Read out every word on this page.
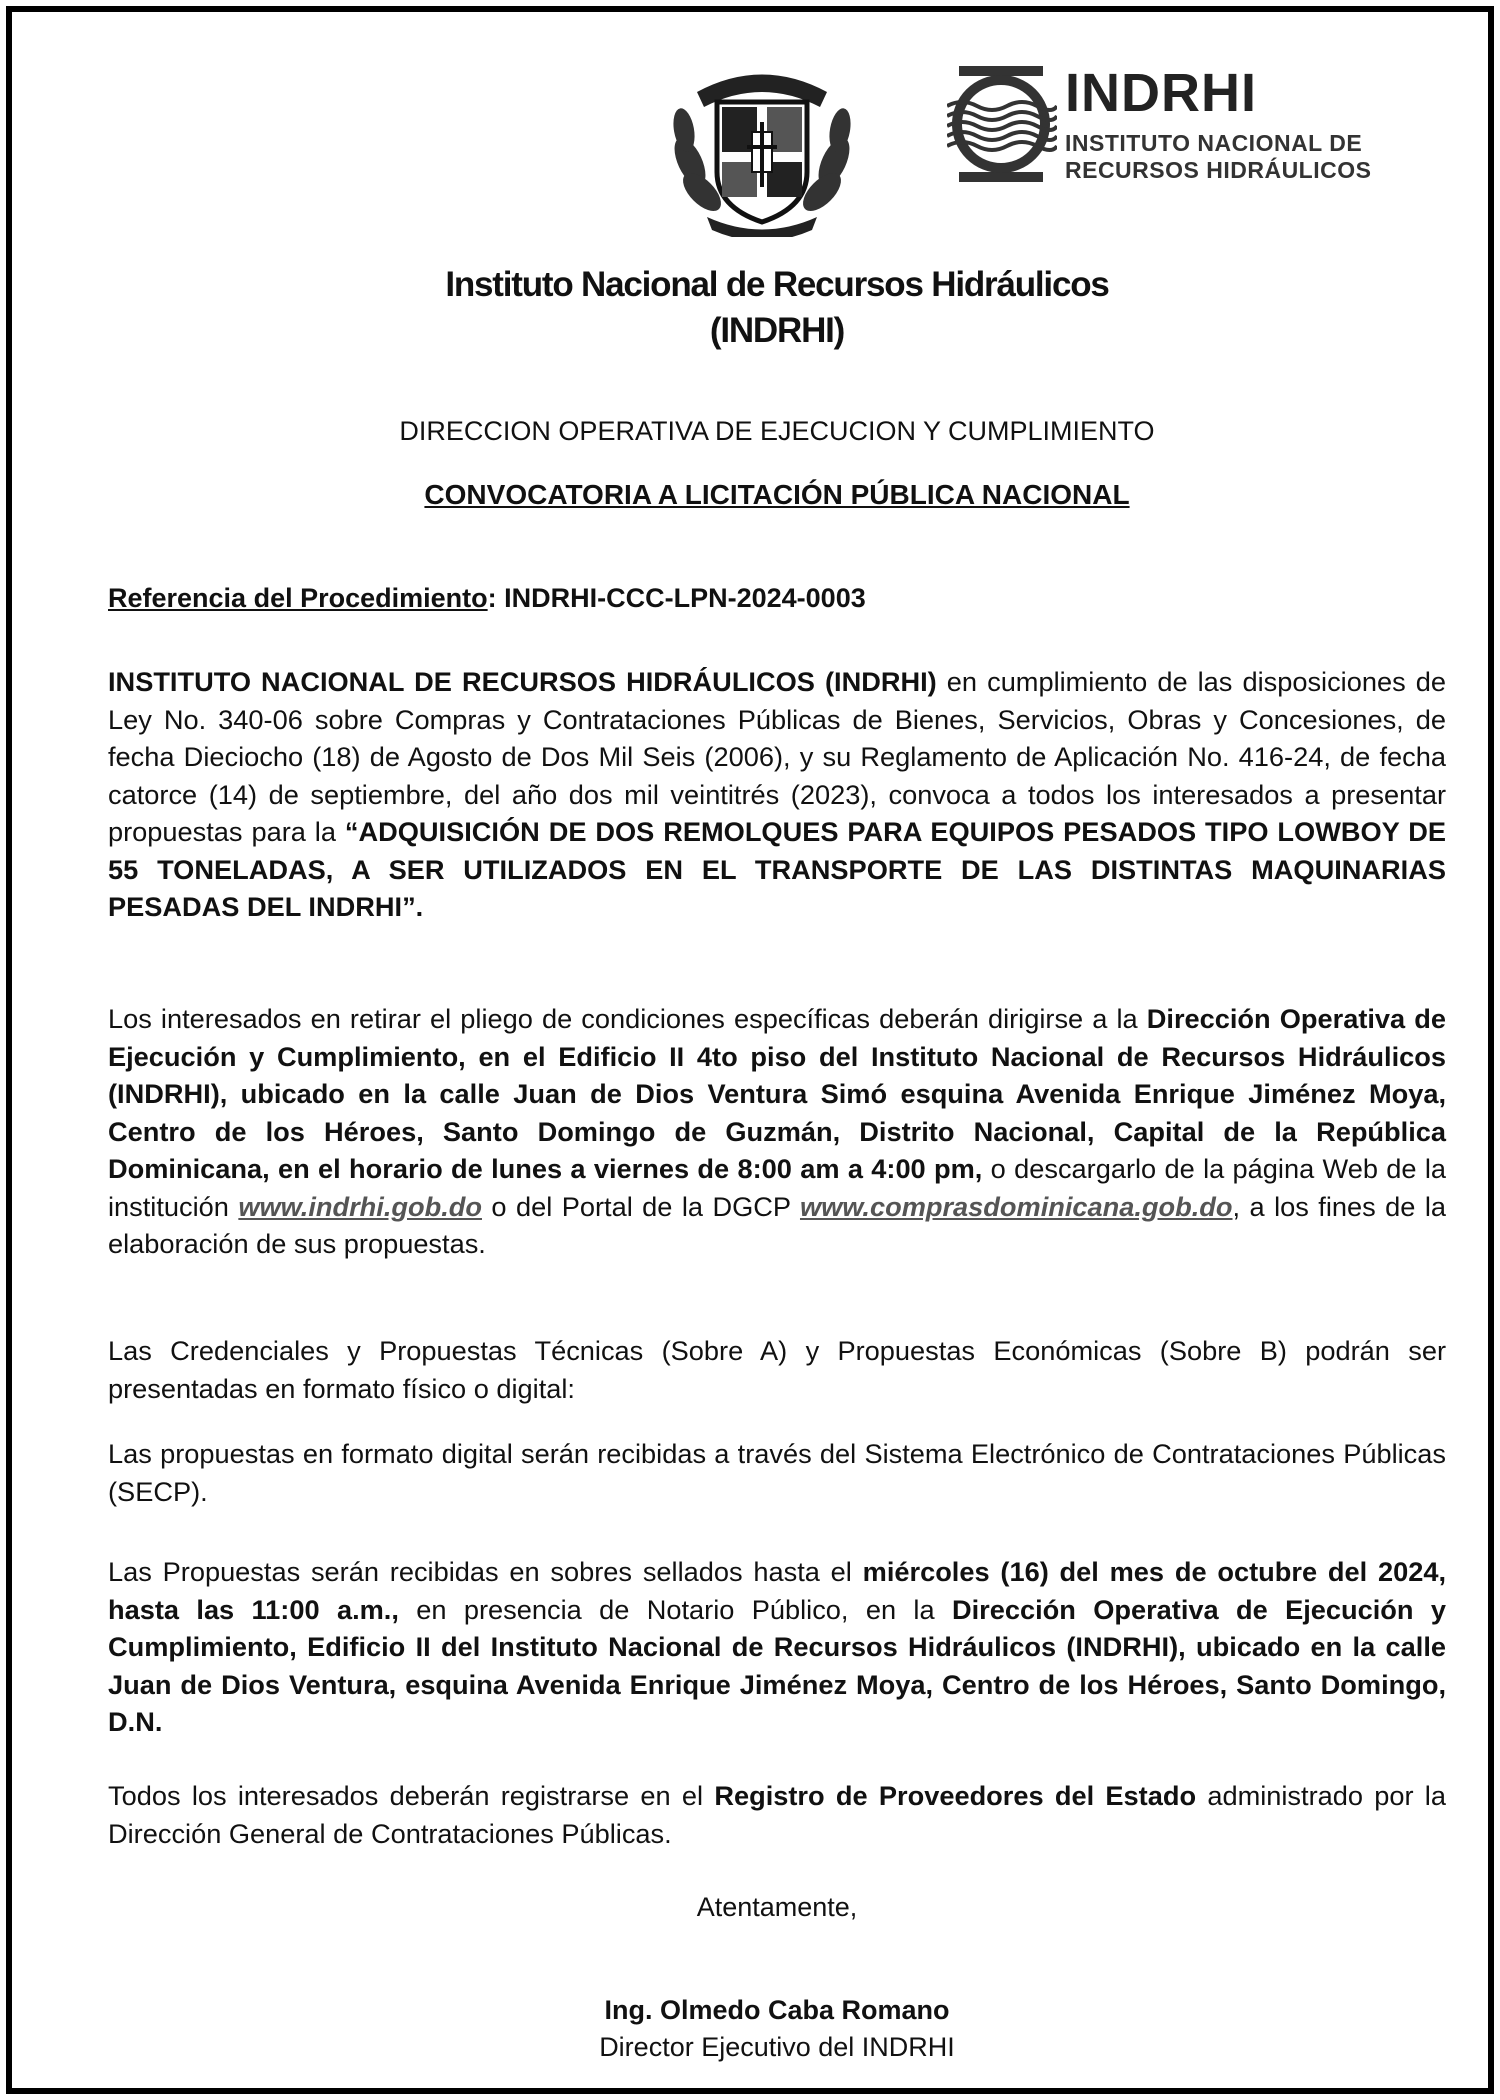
INDRHI
INSTITUTO NACIONAL DE
RECURSOS HIDRÁULICOS
Instituto Nacional de Recursos Hidráulicos
(INDRHI)
DIRECCION OPERATIVA DE EJECUCION Y CUMPLIMIENTO
CONVOCATORIA A LICITACIÓN PÚBLICA NACIONAL
Referencia del Procedimiento: INDRHI-CCC-LPN-2024-0003
INSTITUTO NACIONAL DE RECURSOS HIDRÁULICOS (INDRHI) en cumplimiento de las disposiciones de Ley No. 340-06 sobre Compras y Contrataciones Públicas de Bienes, Servicios, Obras y Concesiones, de fecha Dieciocho (18) de Agosto de Dos Mil Seis (2006), y su Reglamento de Aplicación No. 416-24, de fecha catorce (14) de septiembre, del año dos mil veintitrés (2023), convoca a todos los interesados a presentar propuestas para la “ADQUISICIÓN DE DOS REMOLQUES PARA EQUIPOS PESADOS TIPO LOWBOY DE 55 TONELADAS, A SER UTILIZADOS EN EL TRANSPORTE DE LAS DISTINTAS MAQUINARIAS PESADAS DEL INDRHI”.
Los interesados en retirar el pliego de condiciones específicas deberán dirigirse a la Dirección Operativa de Ejecución y Cumplimiento, en el Edificio II 4to piso del Instituto Nacional de Recursos Hidráulicos (INDRHI), ubicado en la calle Juan de Dios Ventura Simó esquina Avenida Enrique Jiménez Moya, Centro de los Héroes, Santo Domingo de Guzmán, Distrito Nacional, Capital de la República Dominicana, en el horario de lunes a viernes de 8:00 am a 4:00 pm, o descargarlo de la página Web de la institución www.indrhi.gob.do o del Portal de la DGCP www.comprasdominicana.gob.do, a los fines de la elaboración de sus propuestas.
Las Credenciales y Propuestas Técnicas (Sobre A) y Propuestas Económicas (Sobre B) podrán ser presentadas en formato físico o digital:
Las propuestas en formato digital serán recibidas a través del Sistema Electrónico de Contrataciones Públicas (SECP).
Las Propuestas serán recibidas en sobres sellados hasta el miércoles (16) del mes de octubre del 2024, hasta las 11:00 a.m., en presencia de Notario Público, en la Dirección Operativa de Ejecución y Cumplimiento, Edificio II del Instituto Nacional de Recursos Hidráulicos (INDRHI), ubicado en la calle Juan de Dios Ventura, esquina Avenida Enrique Jiménez Moya, Centro de los Héroes, Santo Domingo, D.N.
Todos los interesados deberán registrarse en el Registro de Proveedores del Estado administrado por la Dirección General de Contrataciones Públicas.
Atentamente,
Ing. Olmedo Caba Romano
Director Ejecutivo del INDRHI
